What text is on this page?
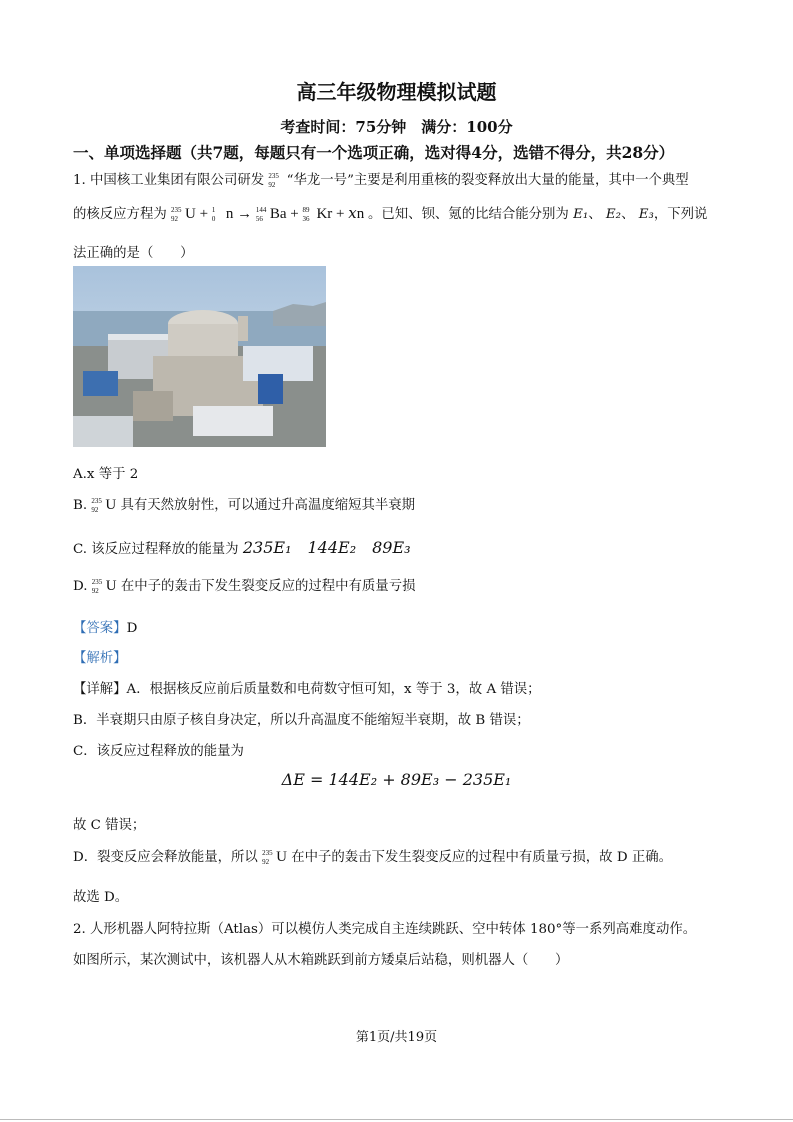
高三年级物理模拟试题
考查时间：75分钟　满分：100分
一、单项选择题（共7题，每题只有一个选项正确，选对得4分，选错不得分，共28分）
1. 中国核工业集团有限公司研发 235
92 “华龙一号”主要是利用重核的裂变释放出大量的能量，其中一个典型
的核反应方程为 235
92 U + 1
0 n → 144
56 Ba + 89
36 Kr + xn 。已知、钡、氪的比结合能分别为 E₁、 E₂、 E₃，下列说
法正确的是（　　）
A.x 等于 2
B. 235
92 U 具有天然放射性，可以通过升高温度缩短其半衰期
C. 该反应过程释放的能量为 235E₁　144E₂　89E₃
D. 235
92 U 在中子的轰击下发生裂变反应的过程中有质量亏损
【答案】D
【解析】
【详解】A．根据核反应前后质量数和电荷数守恒可知，x 等于 3，故 A 错误；
B．半衰期只由原子核自身决定，所以升高温度不能缩短半衰期，故 B 错误；
C．该反应过程释放的能量为
ΔE = 144E₂ + 89E₃ − 235E₁
故 C 错误；
D．裂变反应会释放能量，所以 235
92 U 在中子的轰击下发生裂变反应的过程中有质量亏损，故 D 正确。
故选 D。
2. 人形机器人阿特拉斯（Atlas）可以模仿人类完成自主连续跳跃、空中转体 180°等一系列高难度动作。
如图所示，某次测试中，该机器人从木箱跳跃到前方矮桌后站稳，则机器人（　　）
第1页/共19页
